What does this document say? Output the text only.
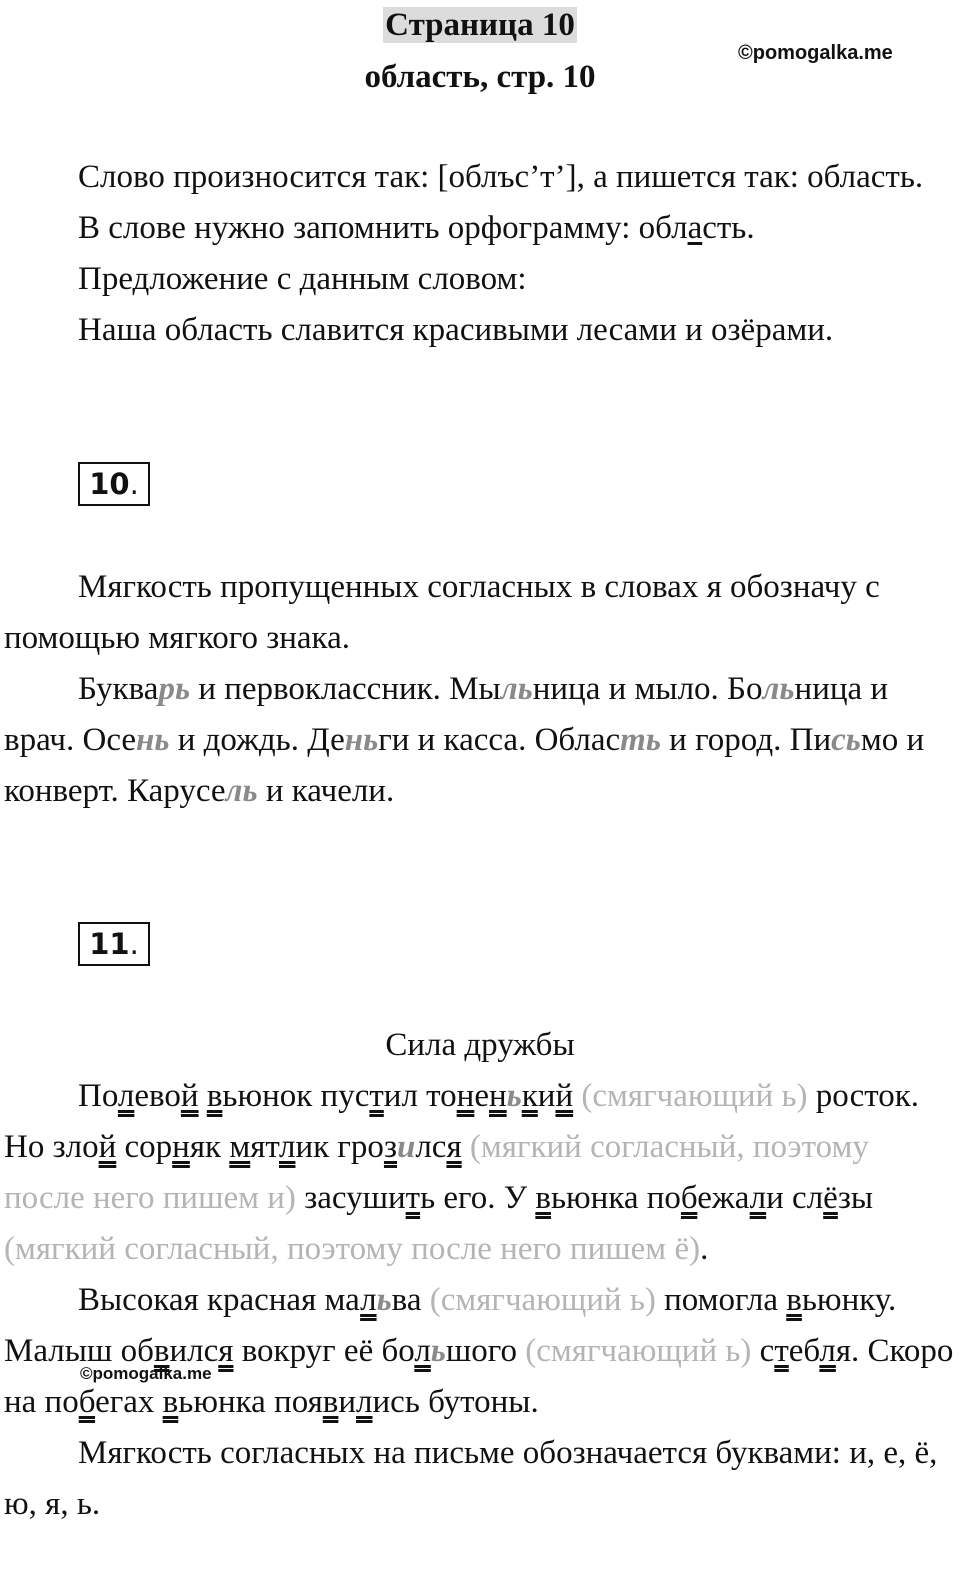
Страница 10
©pomogalka.me
область, стр. 10

Слово произносится так: [облъс’т’], а пишется так: область.

В слове нужно запомнить орфограмму: область.

Предложение с данным словом:

Наша область славится красивыми лесами и озёрами.

10.

Мягкость пропущенных согласных в словах я обозначу с помощью мягкого знака.

Букварь и первоклассник. Мыльница и мыло. Больница и врач. Осень и дождь. Деньги и касса. Область и город. Письмо и конверт. Карусель и качели.

11.
Сила дружбы

Полевой вьюнок пустил тоненький (смягчающий ь) росток. Но злой сорняк мятлик грозился (мягкий согласный, поэтому после него пишем и) засушить его. У вьюнка побежали слёзы (мягкий согласный, поэтому после него пишем ё).

Высокая красная мальва (смягчающий ь) помогла вьюнку. Малыш обвился вокруг её большого (смягчающий ь) стебля. Скоро на побегах вьюнка появились бутоны.

Мягкость согласных на письме обозначается буквами: и, е, ё, ю, я, ь.

©pomogalka.me
